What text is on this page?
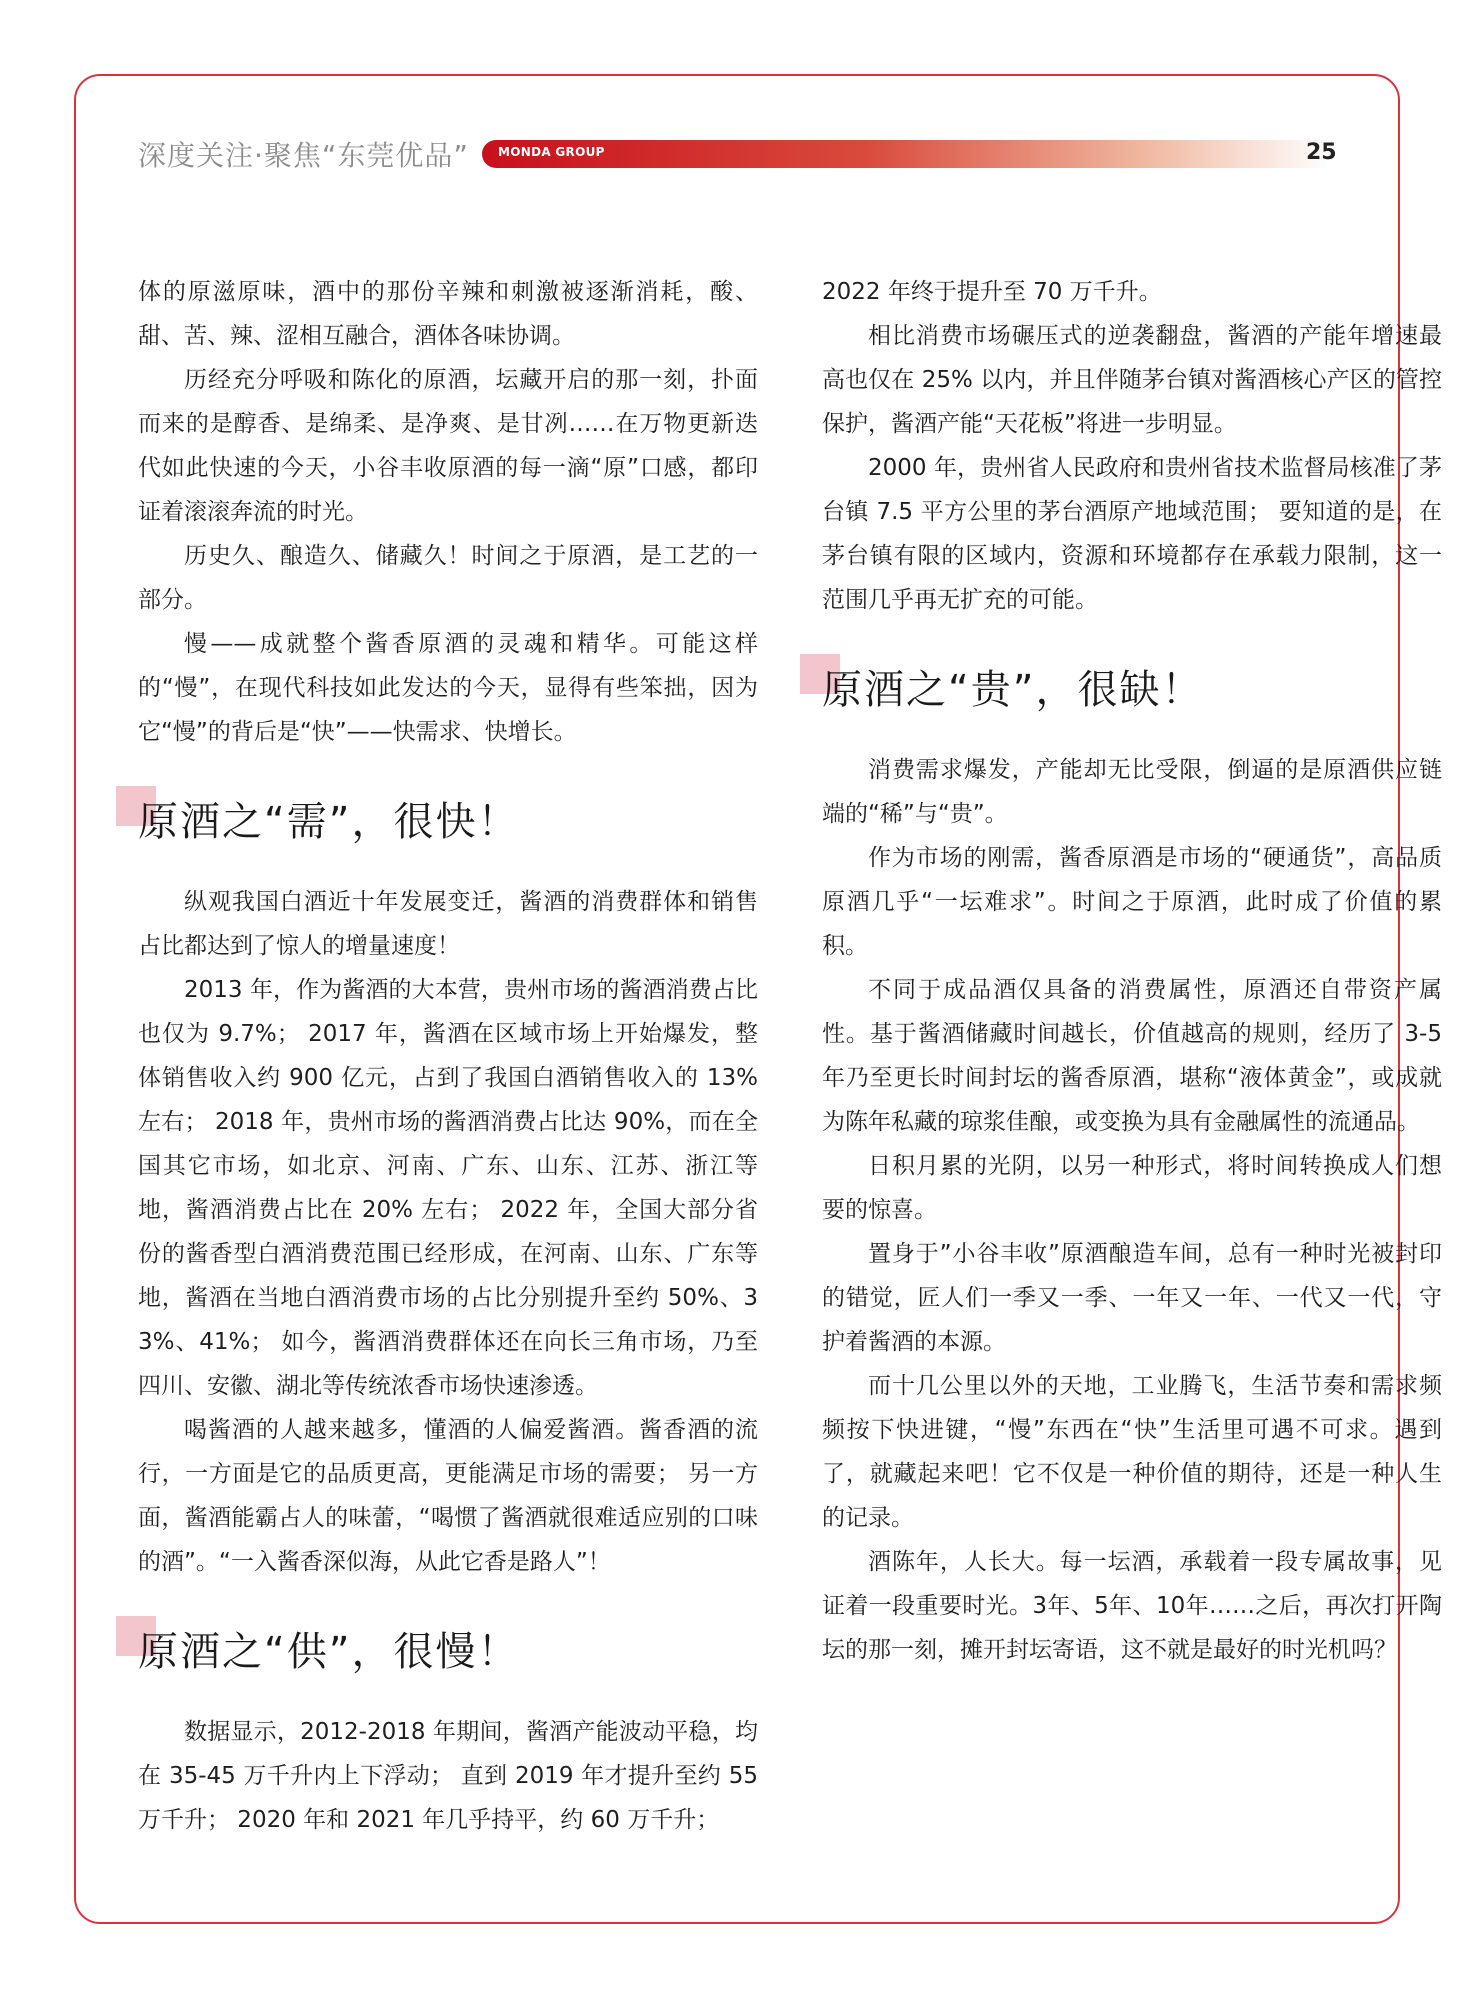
深度关注·聚焦“东莞优品” MONDA GROUP	25

体的原滋原味，酒中的那份辛辣和刺激被逐渐消耗，酸、甜、苦、辣、涩相互融合，酒体各味协调。

历经充分呼吸和陈化的原酒，坛藏开启的那一刻，扑面而来的是醇香、是绵柔、是净爽、是甘冽……在万物更新迭代如此快速的今天，小谷丰收原酒的每一滴“原”口感，都印证着滚滚奔流的时光。

历史久、酿造久、储藏久！时间之于原酒，是工艺的一部分。

慢——成就整个酱香原酒的灵魂和精华。可能这样的“慢”，在现代科技如此发达的今天，显得有些笨拙，因为它“慢”的背后是“快”——快需求、快增长。

原酒之“需”，很快！

纵观我国白酒近十年发展变迁，酱酒的消费群体和销售占比都达到了惊人的增量速度！

2013 年，作为酱酒的大本营，贵州市场的酱酒消费占比也仅为 9.7%； 2017 年，酱酒在区域市场上开始爆发，整体销售收入约 900 亿元，占到了我国白酒销售收入的 13% 左右； 2018 年，贵州市场的酱酒消费占比达 90%，而在全国其它市场，如北京、河南、广东、山东、江苏、浙江等地，酱酒消费占比在 20% 左右； 2022 年，全国大部分省份的酱香型白酒消费范围已经形成，在河南、山东、广东等地，酱酒在当地白酒消费市场的占比分别提升至约 50%、33%、41%； 如今，酱酒消费群体还在向长三角市场，乃至四川、安徽、湖北等传统浓香市场快速渗透。

喝酱酒的人越来越多，懂酒的人偏爱酱酒。酱香酒的流行，一方面是它的品质更高，更能满足市场的需要； 另一方面，酱酒能霸占人的味蕾，“喝惯了酱酒就很难适应别的口味的酒”。“一入酱香深似海，从此它香是路人”！

原酒之“供”，很慢！

数据显示，2012-2018 年期间，酱酒产能波动平稳，均在 35-45 万千升内上下浮动； 直到 2019 年才提升至约 55 万千升； 2020 年和 2021 年几乎持平，约 60 万千升；

2022 年终于提升至 70 万千升。

相比消费市场碾压式的逆袭翻盘，酱酒的产能年增速最高也仅在 25% 以内，并且伴随茅台镇对酱酒核心产区的管控保护，酱酒产能“天花板”将进一步明显。

2000 年，贵州省人民政府和贵州省技术监督局核准了茅台镇 7.5 平方公里的茅台酒原产地域范围； 要知道的是，在茅台镇有限的区域内，资源和环境都存在承载力限制，这一范围几乎再无扩充的可能。

原酒之“贵”，很缺！

消费需求爆发，产能却无比受限，倒逼的是原酒供应链端的“稀”与“贵”。

作为市场的刚需，酱香原酒是市场的“硬通货”，高品质原酒几乎“一坛难求”。时间之于原酒，此时成了价值的累积。

不同于成品酒仅具备的消费属性，原酒还自带资产属性。基于酱酒储藏时间越长，价值越高的规则，经历了 3-5 年乃至更长时间封坛的酱香原酒，堪称“液体黄金”，或成就为陈年私藏的琼浆佳酿，或变换为具有金融属性的流通品。

日积月累的光阴，以另一种形式，将时间转换成人们想要的惊喜。

置身于”小谷丰收”原酒酿造车间，总有一种时光被封印的错觉，匠人们一季又一季、一年又一年、一代又一代，守护着酱酒的本源。

而十几公里以外的天地，工业腾飞，生活节奏和需求频频按下快进键，“慢”东西在“快”生活里可遇不可求。遇到了，就藏起来吧！它不仅是一种价值的期待，还是一种人生的记录。

酒陈年，人长大。每一坛酒，承载着一段专属故事，见证着一段重要时光。3年、5年、10年……之后，再次打开陶坛的那一刻，摊开封坛寄语，这不就是最好的时光机吗？
